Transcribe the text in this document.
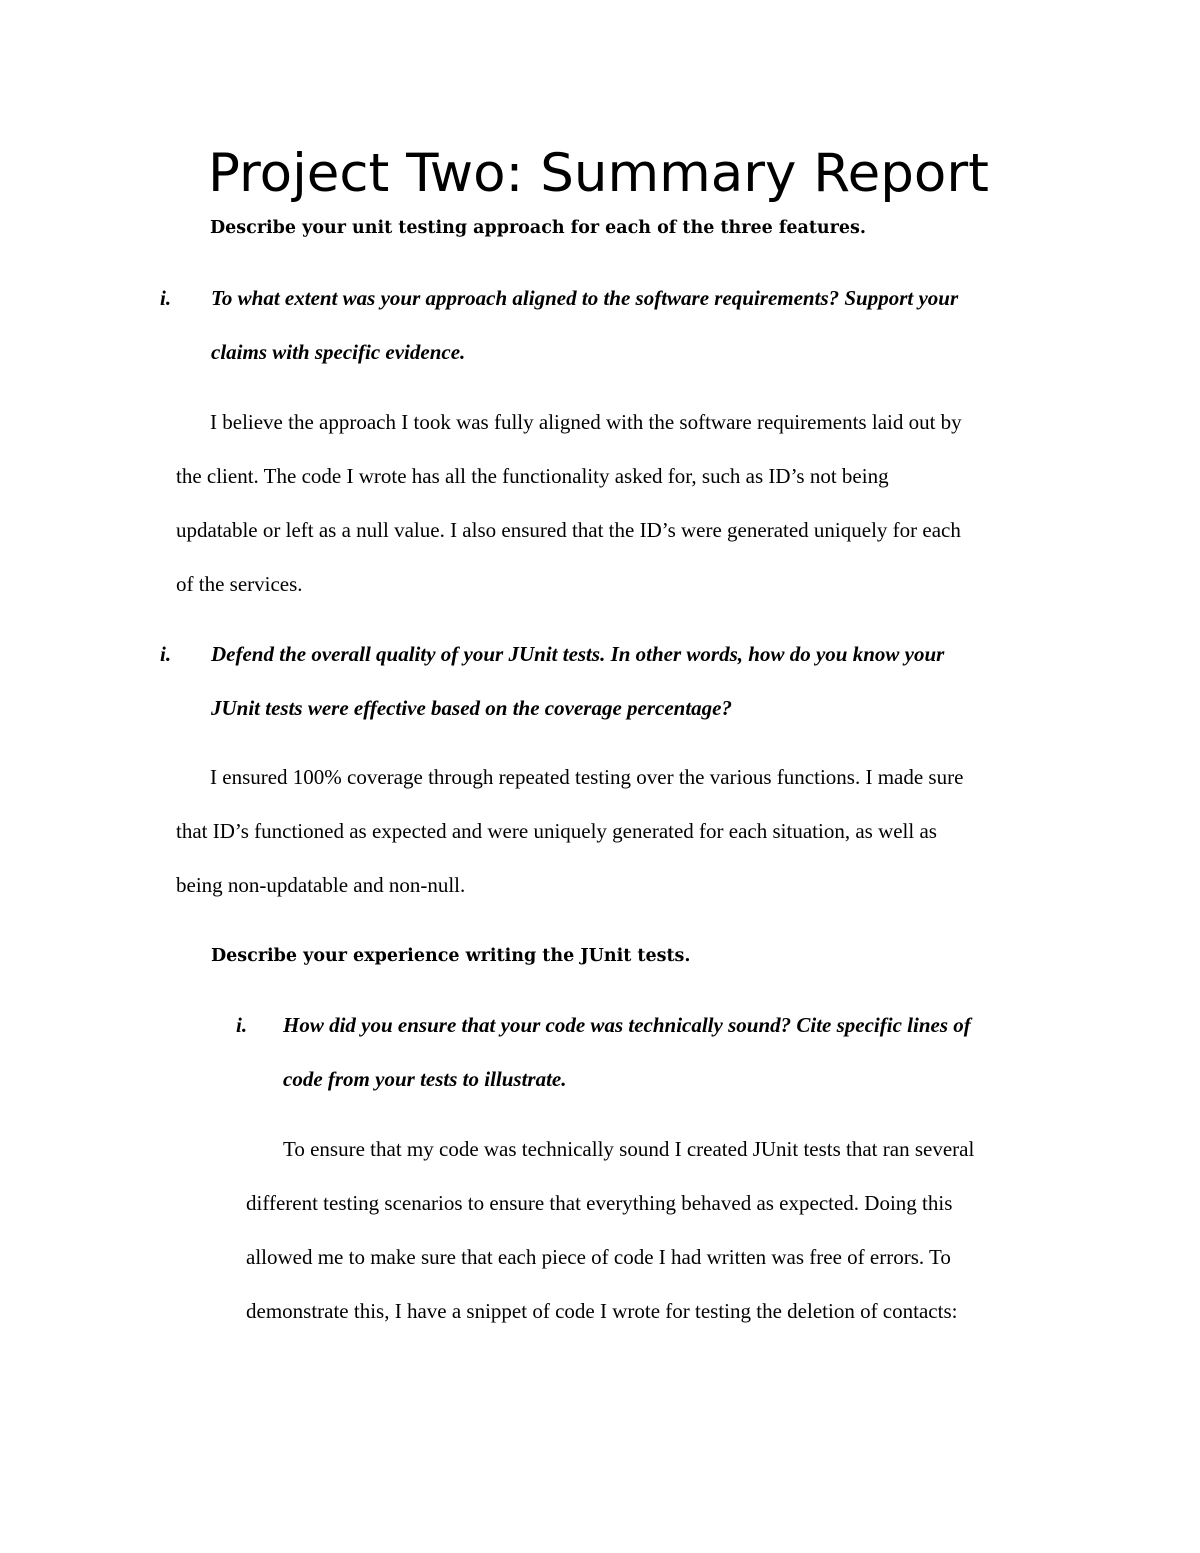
Project Two: Summary Report

Describe your unit testing approach for each of the three features.

i. To what extent was your approach aligned to the software requirements? Support your
claims with specific evidence.
I believe the approach I took was fully aligned with the software requirements laid out by
the client. The code I wrote has all the functionality asked for, such as ID’s not being
updatable or left as a null value. I also ensured that the ID’s were generated uniquely for each
of the services.
i. Defend the overall quality of your JUnit tests. In other words, how do you know your
JUnit tests were effective based on the coverage percentage?
I ensured 100% coverage through repeated testing over the various functions. I made sure
that ID’s functioned as expected and were uniquely generated for each situation, as well as
being non-updatable and non-null.

Describe your experience writing the JUnit tests.

i. How did you ensure that your code was technically sound? Cite specific lines of
code from your tests to illustrate.
To ensure that my code was technically sound I created JUnit tests that ran several
different testing scenarios to ensure that everything behaved as expected. Doing this
allowed me to make sure that each piece of code I had written was free of errors. To
demonstrate this, I have a snippet of code I wrote for testing the deletion of contacts:
